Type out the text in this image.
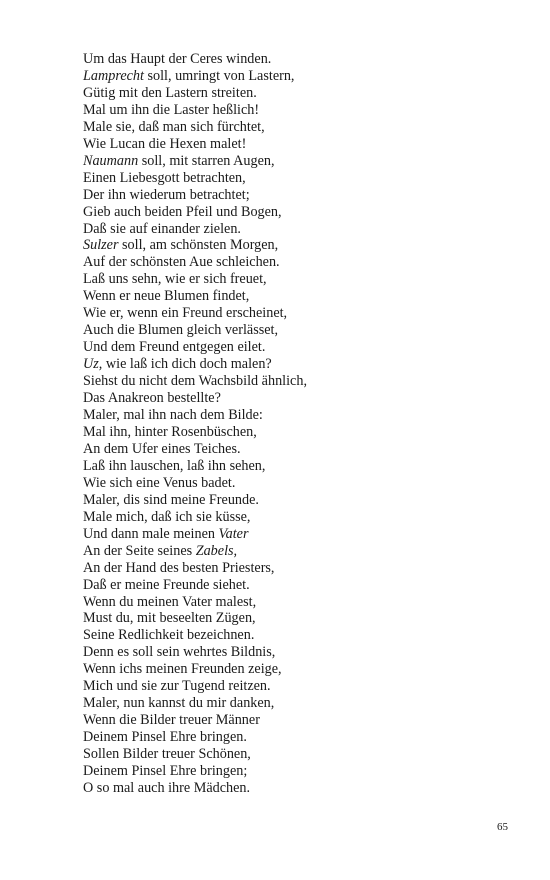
Um das Haupt der Ceres winden.
Lamprecht soll, umringt von Lastern,
Gütig mit den Lastern streiten.
Mal um ihn die Laster heßlich!
Male sie, daß man sich fürchtet,
Wie Lucan die Hexen malet!
Naumann soll, mit starren Augen,
Einen Liebesgott betrachten,
Der ihn wiederum betrachtet;
Gieb auch beiden Pfeil und Bogen,
Daß sie auf einander zielen.
Sulzer soll, am schönsten Morgen,
Auf der schönsten Aue schleichen.
Laß uns sehn, wie er sich freuet,
Wenn er neue Blumen findet,
Wie er, wenn ein Freund erscheinet,
Auch die Blumen gleich verlässet,
Und dem Freund entgegen eilet.
Uz, wie laß ich dich doch malen?
Siehst du nicht dem Wachsbild ähnlich,
Das Anakreon bestellte?
Maler, mal ihn nach dem Bilde:
Mal ihn, hinter Rosenbüschen,
An dem Ufer eines Teiches.
Laß ihn lauschen, laß ihn sehen,
Wie sich eine Venus badet.
Maler, dis sind meine Freunde.
Male mich, daß ich sie küsse,
Und dann male meinen Vater
An der Seite seines Zabels,
An der Hand des besten Priesters,
Daß er meine Freunde siehet.
Wenn du meinen Vater malest,
Must du, mit beseelten Zügen,
Seine Redlichkeit bezeichnen.
Denn es soll sein wehrtes Bildnis,
Wenn ichs meinen Freunden zeige,
Mich und sie zur Tugend reitzen.
Maler, nun kannst du mir danken,
Wenn die Bilder treuer Männer
Deinem Pinsel Ehre bringen.
Sollen Bilder treuer Schönen,
Deinem Pinsel Ehre bringen;
O so mal auch ihre Mädchen.
65
